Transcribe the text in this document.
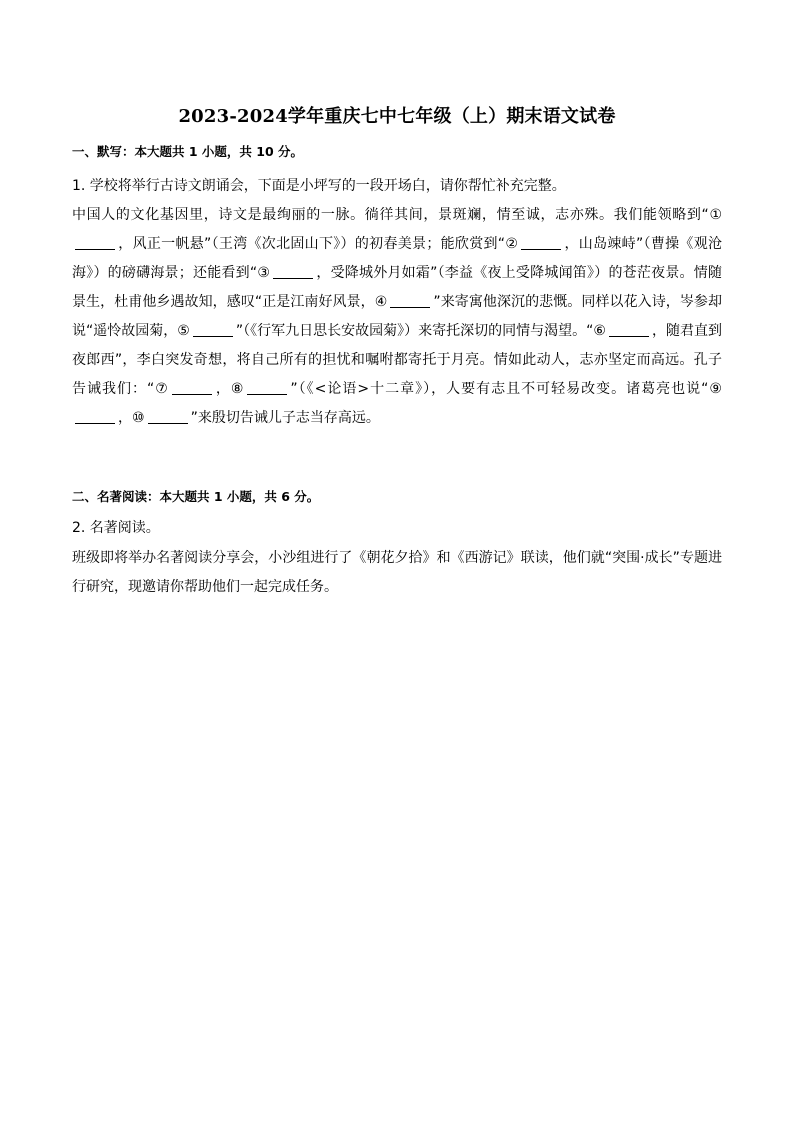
2023-2024学年重庆七中七年级（上）期末语文试卷
一、默写：本大题共 1 小题，共 10 分。
1. 学校将举行古诗文朗诵会，下面是小坪写的一段开场白，请你帮忙补充完整。
中国人的文化基因里，诗文是最绚丽的一脉。徜徉其间，景斑斓，情至诚，志亦殊。我们能领略到“①，风正一帆悬”（王湾《次北固山下》）的初春美景；能欣赏到“②	，山岛竦峙”（曹操《观沧海》）的磅礴海景；还能看到“③	，受降城外月如霜”（李益《夜上受降城闻笛》）的苍茫夜景。情随景生，杜甫他乡遇故知，感叹“正是江南好风景，④	”来寄寓他深沉的悲慨。同样以花入诗，岑参却说“遥怜故园菊，⑤	”（《行军九日思长安故园菊》）来寄托深切的同情与渴望。“⑥	，随君直到夜郎西”，李白突发奇想，将自己所有的担忧和嘱咐都寄托于月亮。情如此动人，志亦坚定而高远。孔子告诫我们：“⑦	，⑧	”（《<论语>十二章》），人要有志且不可轻易改变。诸葛亮也说“⑨，⑩	”来殷切告诫儿子志当存高远。
二、名著阅读：本大题共 1 小题，共 6 分。
2. 名著阅读。
班级即将举办名著阅读分享会，小沙组进行了《朝花夕拾》和《西游记》联读，他们就“突围·成长”专题进行研究，现邀请你帮助他们一起完成任务。
